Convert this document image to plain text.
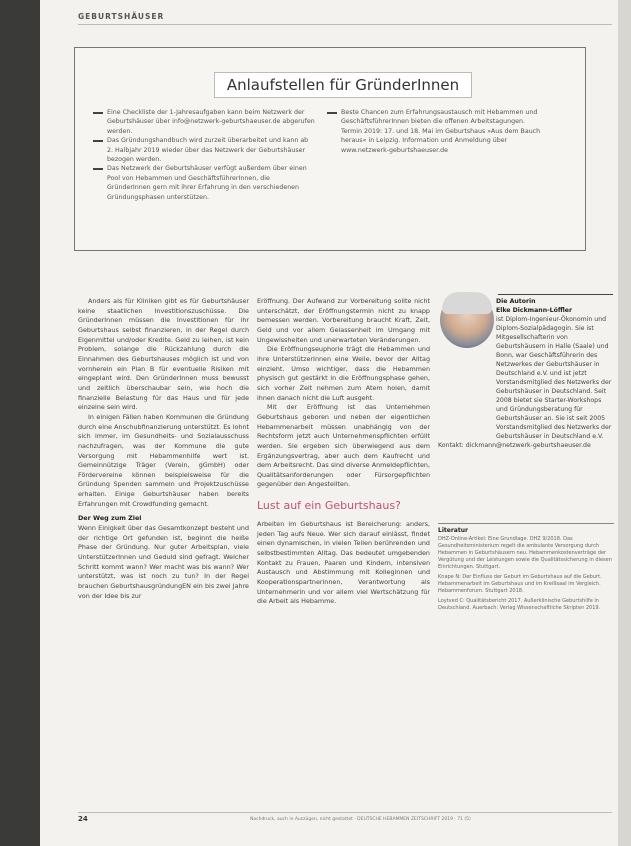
GEBURTSHÄUSER
Anlaufstellen für GründerInnen
Eine Checkliste der 1-Jahresaufgaben kann beim Netzwerk der Geburtshäuser über info@netzwerk-geburtshaeuser.de abgerufen werden.
Das Gründungshandbuch wird zurzeit überarbeitet und kann ab 2. Halbjahr 2019 wieder über das Netzwerk der Geburtshäuser bezogen werden.
Das Netzwerk der Geburtshäuser verfügt außerdem über einen Pool von Hebammen und GeschäftsführerInnen, die GründerInnen gern mit ihrer Erfahrung in den verschiedenen Gründungsphasen unterstützen.
Beste Chancen zum Erfahrungsaustausch mit Hebammen und GeschäftsführerInnen bieten die offenen Arbeitstagungen. Termin 2019: 17. und 18. Mai im Geburtshaus »Aus dem Bauch heraus« in Leipzig. Information und Anmeldung über www.netzwerk-geburtshaeuser.de

Anders als für Kliniken gibt es für Geburtshäuser keine staatlichen Investitionszuschüsse. Die GründerInnen müssen die Investitionen für ihr Geburtshaus selbst finanzieren, in der Regel durch Eigenmittel und/oder Kredite. Geld zu leihen, ist kein Problem, solange die Rückzahlung durch die Einnahmen des Geburtshauses möglich ist und von vornherein ein Plan B für eventuelle Risiken mit eingeplant wird. Den GründerInnen muss bewusst und zeitlich überschaubar sein, wie hoch die finanzielle Belastung für das Haus und für jede einzelne sein wird.

In einigen Fällen haben Kommunen die Gründung durch eine Anschubfinanzierung unterstützt. Es lohnt sich immer, im Gesundheits- und Sozialausschuss nachzufragen, was der Kommune die gute Versorgung mit Hebammenhilfe wert ist. Gemeinnützige Träger (Verein, gGmbH) oder Fördervereine können beispielsweise für die Gründung Spenden sammeln und Projektzuschüsse erhalten. Einige Geburtshäuser haben bereits Erfahrungen mit Crowdfunding gemacht.

Der Weg zum Ziel

Wenn Einigkeit über das Gesamtkonzept besteht und der richtige Ort gefunden ist, beginnt die heiße Phase der Gründung. Nur guter Arbeitsplan, viele UnterstützerInnen und Geduld sind gefragt. Welcher Schritt kommt wann? Wer macht was bis wann? Wer unterstützt, was ist noch zu tun? In der Regel brauchen GeburtshausgründungEN ein bis zwei Jahre von der Idee bis zur

Eröffnung. Der Aufwand zur Vorbereitung sollte nicht unterschätzt, der Eröffnungstermin nicht zu knapp bemessen werden. Vorbereitung braucht Kraft, Zeit, Geld und vor allem Gelassenheit im Umgang mit Ungewissheiten und unerwarteten Veränderungen.

Die Eröffnungseuphorie trägt die Hebammen und ihre UnterstützerInnen eine Weile, bevor der Alltag einzieht. Umso wichtiger, dass die Hebammen physisch gut gestärkt in die Eröffnungsphase gehen, sich vorher Zeit nehmen zum Atem holen, damit ihnen danach nicht die Luft ausgeht.

Mit der Eröffnung ist das Unternehmen Geburtshaus geboren und neben der eigentlichen Hebammenarbeit müssen unabhängig von der Rechtsform jetzt auch Unternehmenspflichten erfüllt werden. Sie ergeben sich überwiegend aus dem Ergänzungsvertrag, aber auch dem Kaufrecht und dem Arbeitsrecht. Das sind diverse Anmeldepflichten, Qualitätsanforderungen oder Fürsorgepflichten gegenüber den Angestellten.

Lust auf ein Geburtshaus?

Arbeiten im Geburtshaus ist Bereicherung: anders, jeden Tag aufs Neue. Wer sich darauf einlässt, findet einen dynamischen, in vielen Teilen berührenden und selbstbestimmten Alltag. Das bedeutet umgebenden Kontakt zu Frauen, Paaren und Kindern, intensiven Austausch und Abstimmung mit Kolleginnen und Kooperationspartnerinnen, Verantwortung als Unternehmerin und vor allem viel Wertschätzung für die Arbeit als Hebamme.

Die Autorin

Elke Dickmann-Löffler

ist Diplom-Ingenieur-Ökonomin und Diplom-Sozialpädagogin. Sie ist Mitgesellschafterin von Geburtshäusern in Halle (Saale) und Bonn, war Geschäftsführerin des Netzwerkes der Geburtshäuser in Deutschland e.V. und ist jetzt Vorstandsmitglied des Netzwerks der Geburtshäuser in Deutschland. Seit 2008 bietet sie Starter-Workshops und Gründungsberatung für Geburtshäuser an. Sie ist seit 2005 Vorstandsmitglied des Netzwerks der Geburtshäuser in Deutschland e.V.

Kontakt: dickmann@netzwerk-geburtshaeuser.de

Literatur

DHZ-Online-Artikel: Eine Grundlage. DHZ 9/2018. Das Gesundheitsministerium regelt die ambulante Versorgung durch Hebammen in Geburtshäusern neu. Hebammenkostenverträge der Vergütung und der Leistungen sowie die Qualitätssicherung in diesen Einrichtungen. Stuttgart.

Knape N: Der Einfluss der Geburt im Geburtshaus auf die Geburt. Hebammenarbeit im Geburtshaus und im Kreißsaal im Vergleich. Hebammenforum. Stuttgart 2018.

Loytved C: Qualitätsbericht 2017. Außerklinische Geburtshilfe in Deutschland. Auerbach: Verlag Wissenschaftliche Skripten 2019.

24	Nachdruck, auch in Auszügen, nicht gestattet · DEUTSCHE HEBAMMEN ZEITSCHRIFT 2019 · 71 (5)
